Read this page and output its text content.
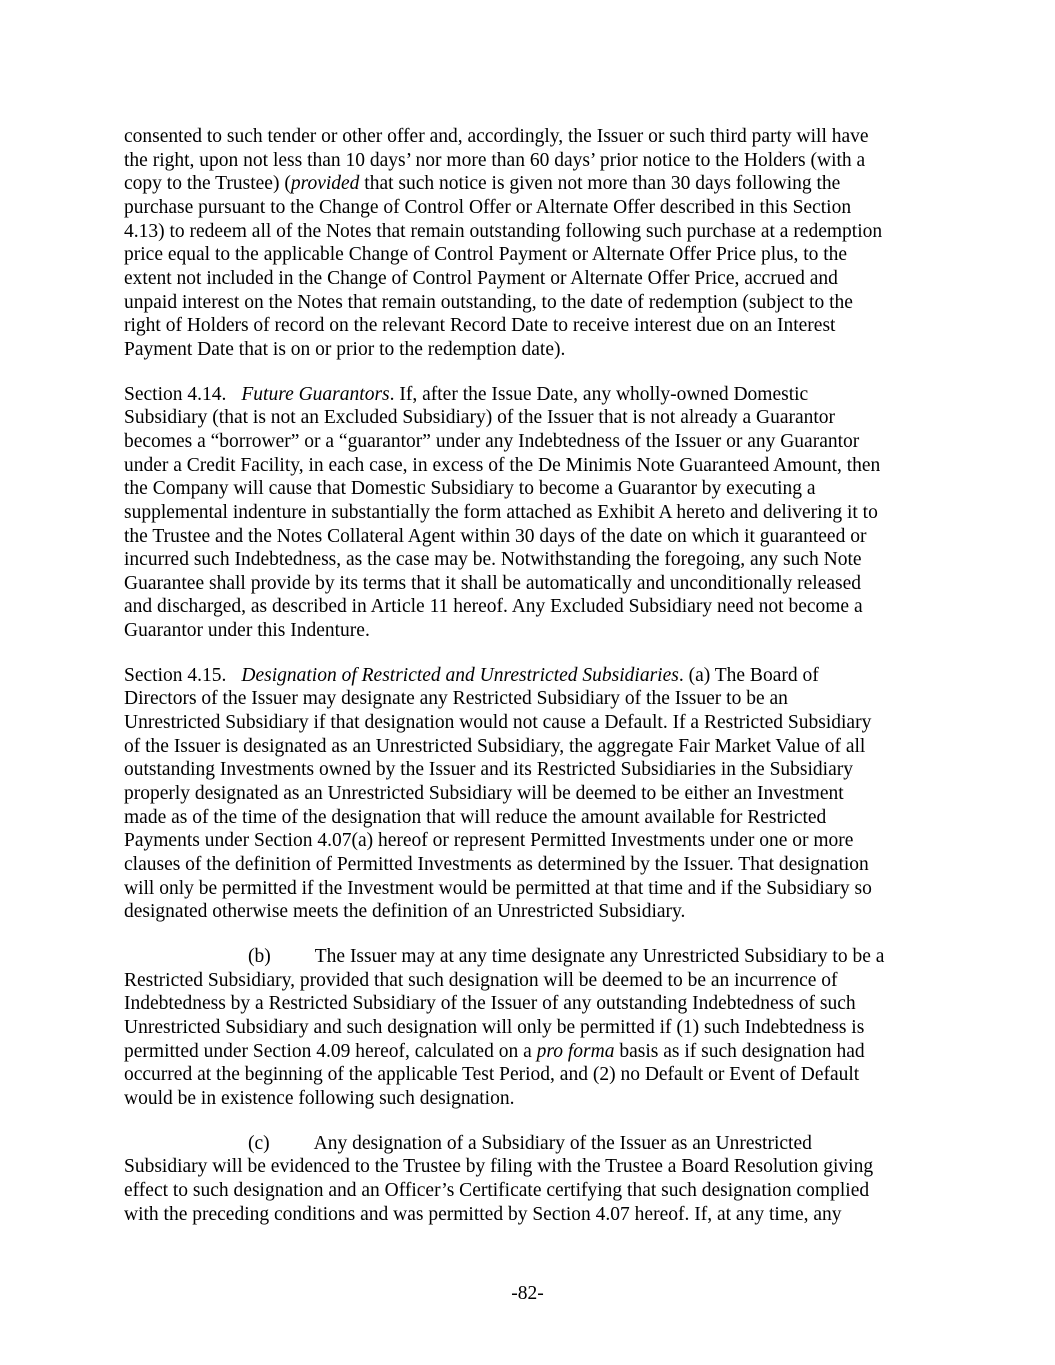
consented to such tender or other offer and, accordingly, the Issuer or such third party will have
the right, upon not less than 10 days’ nor more than 60 days’ prior notice to the Holders (with a
copy to the Trustee) (provided that such notice is given not more than 30 days following the
purchase pursuant to the Change of Control Offer or Alternate Offer described in this Section
4.13) to redeem all of the Notes that remain outstanding following such purchase at a redemption
price equal to the applicable Change of Control Payment or Alternate Offer Price plus, to the
extent not included in the Change of Control Payment or Alternate Offer Price, accrued and
unpaid interest on the Notes that remain outstanding, to the date of redemption (subject to the
right of Holders of record on the relevant Record Date to receive interest due on an Interest
Payment Date that is on or prior to the redemption date).
Section 4.14. Future Guarantors. If, after the Issue Date, any wholly-owned Domestic
Subsidiary (that is not an Excluded Subsidiary) of the Issuer that is not already a Guarantor
becomes a “borrower” or a “guarantor” under any Indebtedness of the Issuer or any Guarantor
under a Credit Facility, in each case, in excess of the De Minimis Note Guaranteed Amount, then
the Company will cause that Domestic Subsidiary to become a Guarantor by executing a
supplemental indenture in substantially the form attached as Exhibit A hereto and delivering it to
the Trustee and the Notes Collateral Agent within 30 days of the date on which it guaranteed or
incurred such Indebtedness, as the case may be. Notwithstanding the foregoing, any such Note
Guarantee shall provide by its terms that it shall be automatically and unconditionally released
and discharged, as described in Article 11 hereof. Any Excluded Subsidiary need not become a
Guarantor under this Indenture.
Section 4.15. Designation of Restricted and Unrestricted Subsidiaries. (a) The Board of
Directors of the Issuer may designate any Restricted Subsidiary of the Issuer to be an
Unrestricted Subsidiary if that designation would not cause a Default. If a Restricted Subsidiary
of the Issuer is designated as an Unrestricted Subsidiary, the aggregate Fair Market Value of all
outstanding Investments owned by the Issuer and its Restricted Subsidiaries in the Subsidiary
properly designated as an Unrestricted Subsidiary will be deemed to be either an Investment
made as of the time of the designation that will reduce the amount available for Restricted
Payments under Section 4.07(a) hereof or represent Permitted Investments under one or more
clauses of the definition of Permitted Investments as determined by the Issuer. That designation
will only be permitted if the Investment would be permitted at that time and if the Subsidiary so
designated otherwise meets the definition of an Unrestricted Subsidiary.
(b) The Issuer may at any time designate any Unrestricted Subsidiary to be a
Restricted Subsidiary, provided that such designation will be deemed to be an incurrence of
Indebtedness by a Restricted Subsidiary of the Issuer of any outstanding Indebtedness of such
Unrestricted Subsidiary and such designation will only be permitted if (1) such Indebtedness is
permitted under Section 4.09 hereof, calculated on a pro forma basis as if such designation had
occurred at the beginning of the applicable Test Period, and (2) no Default or Event of Default
would be in existence following such designation.
(c) Any designation of a Subsidiary of the Issuer as an Unrestricted
Subsidiary will be evidenced to the Trustee by filing with the Trustee a Board Resolution giving
effect to such designation and an Officer’s Certificate certifying that such designation complied
with the preceding conditions and was permitted by Section 4.07 hereof. If, at any time, any
-82-
